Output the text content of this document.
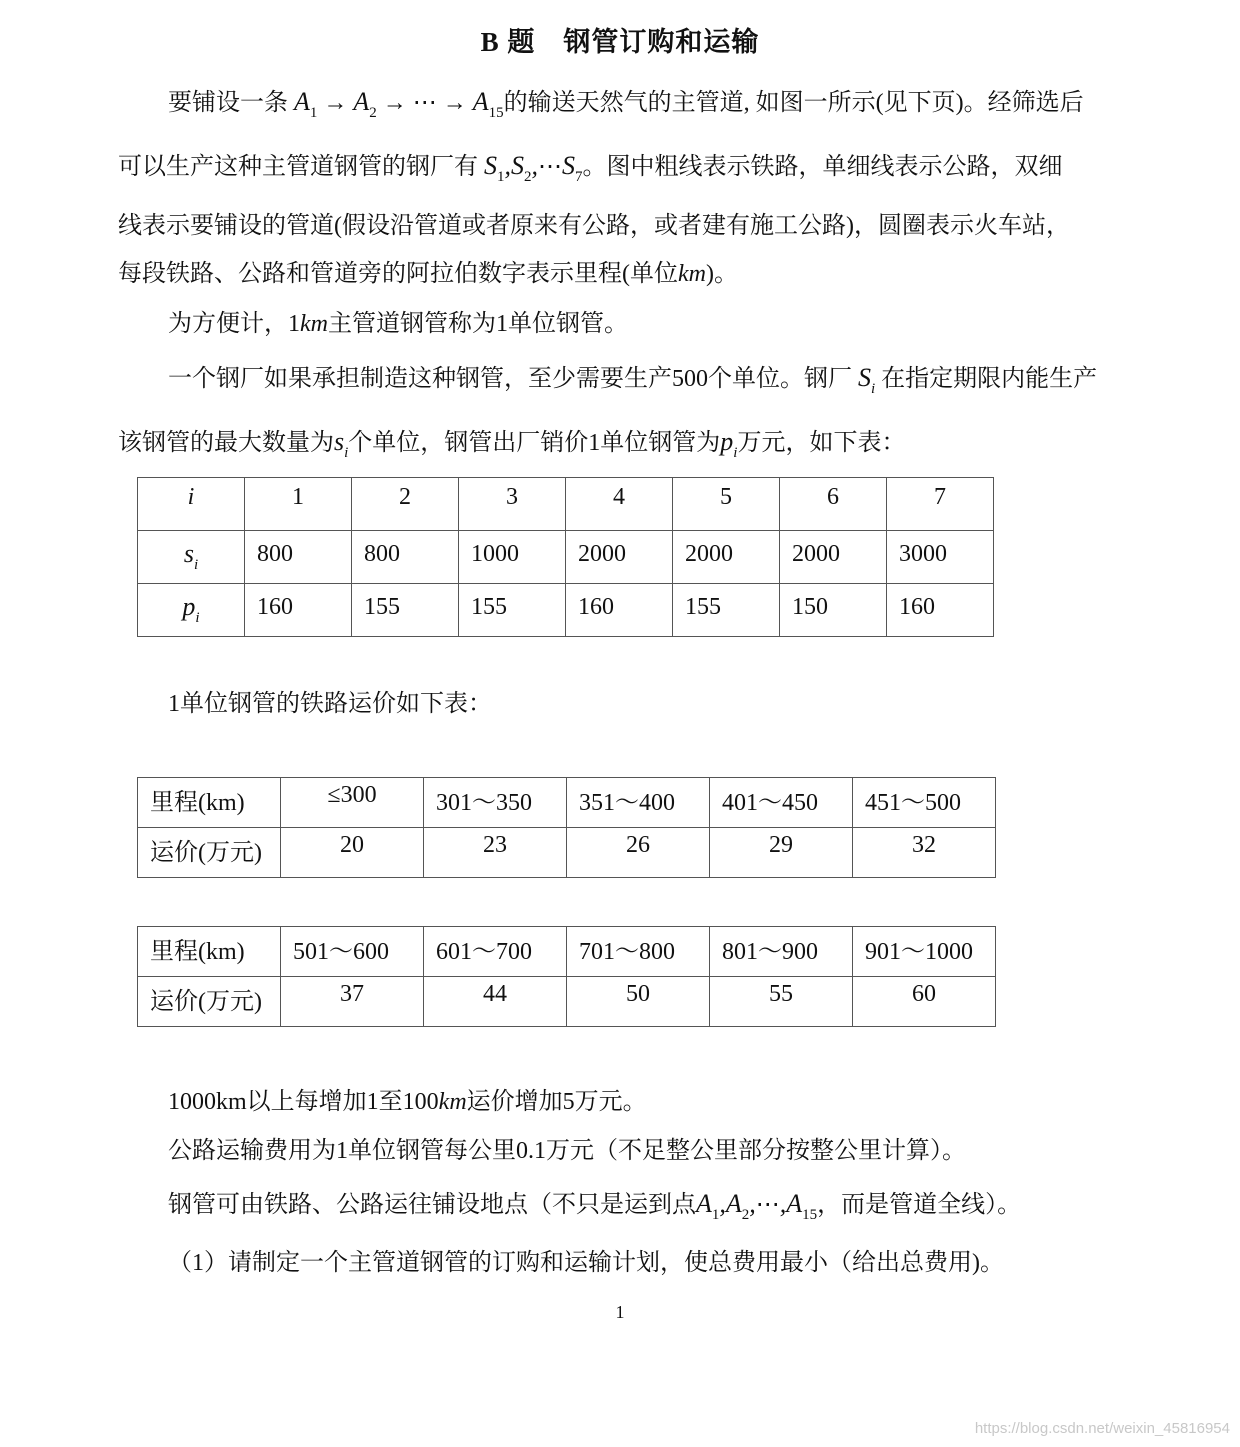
B 题 钢管订购和运输
要铺设一条 $A_1 \to A_2$ → ⋯ → $A_{15}$的输送天然气的主管道, 如图一所示(见下页)。经筛选后
可以生产这种主管道钢管的钢厂有 $S_1,S_2,\cdots S_7$。图中粗线表示铁路，单细线表示公路，双细
线表示要铺设的管道(假设沿管道或者原来有公路，或者建有施工公路)，圆圈表示火车站，
每段铁路、公路和管道旁的阿拉伯数字表示里程(单位km)。
为方便计，1km主管道钢管称为1单位钢管。
一个钢厂如果承担制造这种钢管，至少需要生产500个单位。钢厂 $S_i$ 在指定期限内能生产
该钢管的最大数量为$s_i$个单位，钢管出厂销价1单位钢管为$p_i$万元，如下表：
i	1	2	3	4	5	6	7

$s_i$	800	800	1000	2000	2000	2000	3000

$p_i$	160	155	155	160	155	150	160
1单位钢管的铁路运价如下表：
里程(km)	≤300	301～350	351～400	401～450	451～500

运价(万元)	20	23	26	29	32
里程(km)	501～600	601～700	701～800	801～900	901～1000

运价(万元)	37	44	50	55	60
1000km以上每增加1至100km运价增加5万元。
公路运输费用为1单位钢管每公里0.1万元（不足整公里部分按整公里计算）。
钢管可由铁路、公路运往铺设地点（不只是运到点$A_1,A_2,\cdots,A_{15}$，而是管道全线）。
（1）请制定一个主管道钢管的订购和运输计划，使总费用最小（给出总费用)。
1
https://blog.csdn.net/weixin_45816954
